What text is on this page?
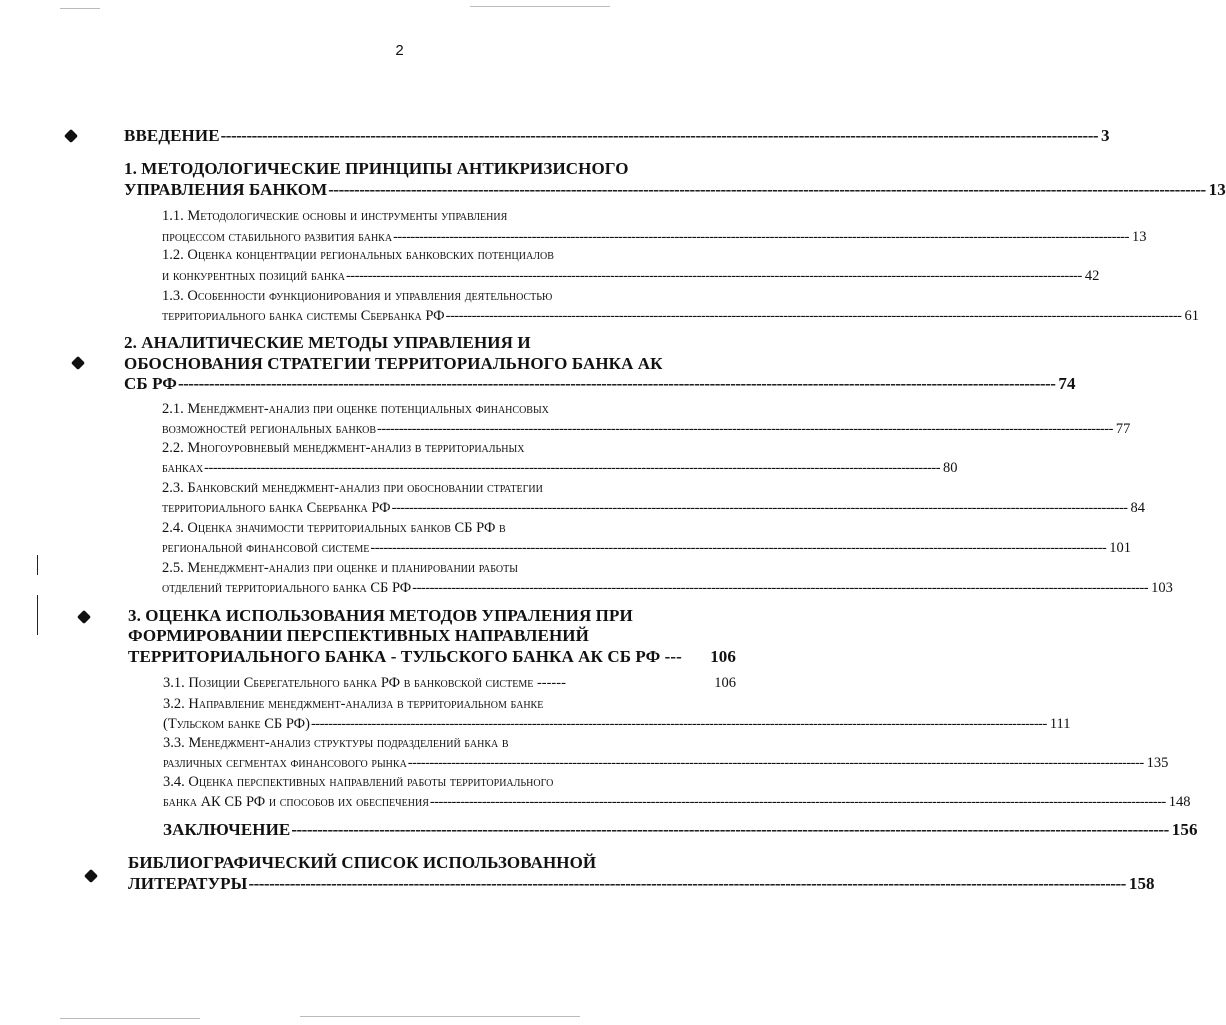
2
ВВЕДЕНИЕ -------------------------------------------------------------------------------------------------------------------------------------------------------------------------- 3
1. МЕТОДОЛОГИЧЕСКИЕ ПРИНЦИПЫ АНТИКРИЗИСНОГО
УПРАВЛЕНИЯ БАНКОМ -------------------------------------------------------------------------------------------------------------------------------------------------------------------------- 13
1.1. Методологические основы и инструменты управления
процессом стабильного развития банка -------------------------------------------------------------------------------------------------------------------------------------------------------------------------- 13
1.2. Оценка концентрации региональных банковских потенциалов
и конкурентных позиций банка -------------------------------------------------------------------------------------------------------------------------------------------------------------------------- 42
1.3. Особенности функционирования и управления деятельностью
территориального банка системы Сбербанка РФ -------------------------------------------------------------------------------------------------------------------------------------------------------------------------- 61
2. АНАЛИТИЧЕСКИЕ МЕТОДЫ УПРАВЛЕНИЯ И
ОБОСНОВАНИЯ СТРАТЕГИИ ТЕРРИТОРИАЛЬНОГО БАНКА АК
СБ РФ -------------------------------------------------------------------------------------------------------------------------------------------------------------------------- 74
2.1. Менеджмент-анализ при оценке потенциальных финансовых
возможностей региональных банков -------------------------------------------------------------------------------------------------------------------------------------------------------------------------- 77
2.2. Многоуровневый менеджмент-анализ в территориальных
банках -------------------------------------------------------------------------------------------------------------------------------------------------------------------------- 80
2.3. Банковский менеджмент-анализ при обосновании стратегии
территориального банка Сбербанка РФ -------------------------------------------------------------------------------------------------------------------------------------------------------------------------- 84
2.4. Оценка значимости территориальных банков СБ РФ в
региональной финансовой системе -------------------------------------------------------------------------------------------------------------------------------------------------------------------------- 101
2.5. Менеджмент-анализ при оценке и планировании работы
отделений территориального банка СБ РФ -------------------------------------------------------------------------------------------------------------------------------------------------------------------------- 103
3. ОЦЕНКА ИСПОЛЬЗОВАНИЯ МЕТОДОВ УПРАЛЕНИЯ ПРИ
ФОРМИРОВАНИИ ПЕРСПЕКТИВНЫХ НАПРАВЛЕНИЙ
ТЕРРИТОРИАЛЬНОГО БАНКА - ТУЛЬСКОГО БАНКА АК СБ РФ --- 106
3.1. Позиции Сберегательного банка РФ в банковской системе ------	106
3.2. Направление менеджмент-анализа в территориальном банке
(Тульском банке СБ РФ) -------------------------------------------------------------------------------------------------------------------------------------------------------------------------- 111
3.3. Менеджмент-анализ структуры подразделений банка в
различных сегментах финансового рынка -------------------------------------------------------------------------------------------------------------------------------------------------------------------------- 135
3.4. Оценка перспективных направлений работы территориального
банка АК СБ РФ и способов их обеспечения -------------------------------------------------------------------------------------------------------------------------------------------------------------------------- 148
ЗАКЛЮЧЕНИЕ -------------------------------------------------------------------------------------------------------------------------------------------------------------------------- 156
БИБЛИОГРАФИЧЕСКИЙ СПИСОК ИСПОЛЬЗОВАННОЙ
ЛИТЕРАТУРЫ -------------------------------------------------------------------------------------------------------------------------------------------------------------------------- 158
